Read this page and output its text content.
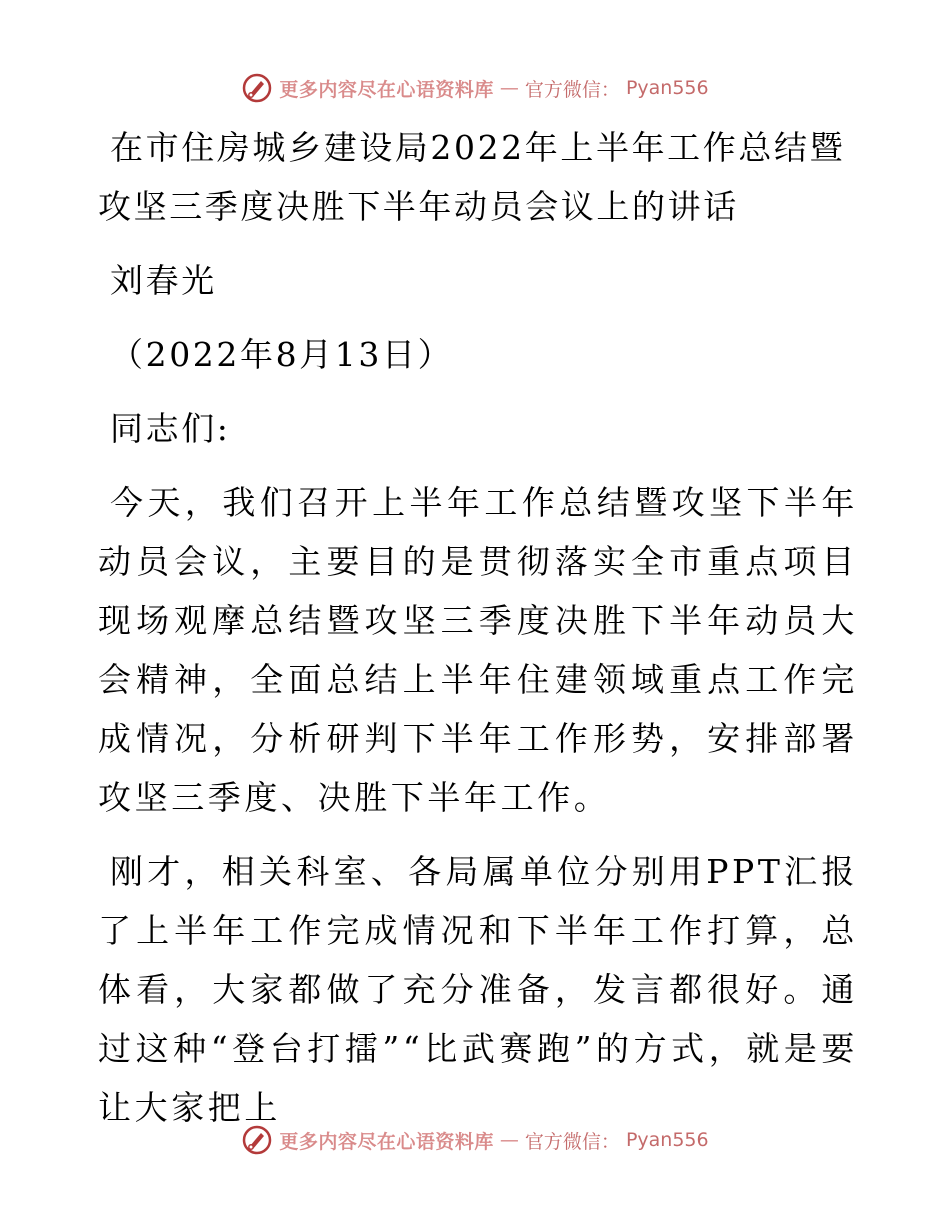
更多内容尽在心语资料库 — 官方微信： Pyan556
在市住房城乡建设局2022年上半年工作总结暨攻坚三季度决胜下半年动员会议上的讲话

刘春光

（2022年8月13日）

同志们:

今天，我们召开上半年工作总结暨攻坚下半年动员会议，主要目的是贯彻落实全市重点项目现场观摩总结暨攻坚三季度决胜下半年动员大会精神，全面总结上半年住建领域重点工作完成情况，分析研判下半年工作形势，安排部署攻坚三季度、决胜下半年工作。

刚才，相关科室、各局属单位分别用PPT汇报了上半年工作完成情况和下半年工作打算，总体看，大家都做了充分准备，发言都很好。通过这种“登台打擂”“比武赛跑”的方式，就是要让大家把上

更多内容尽在心语资料库 — 官方微信： Pyan556
